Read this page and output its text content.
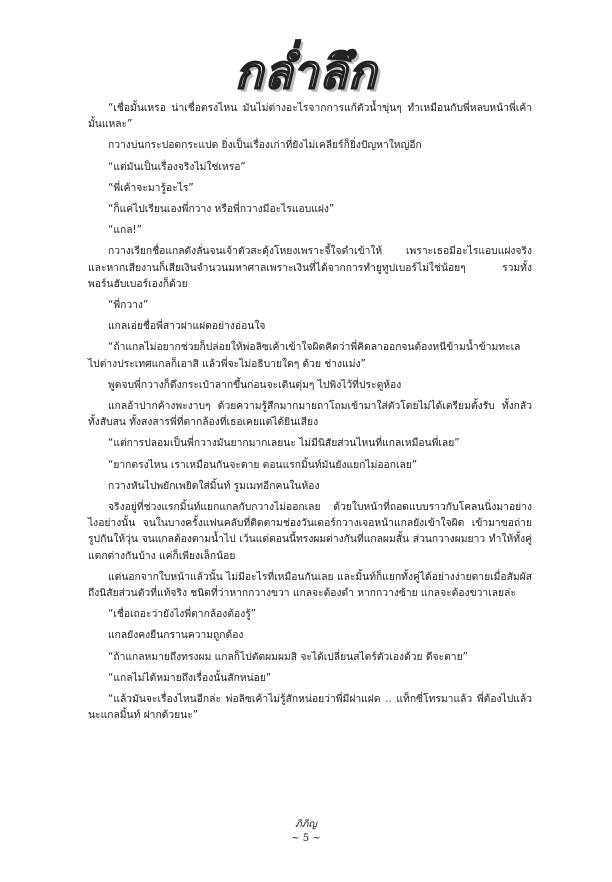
กล่ำลึก

“เชื่อมั้นเหรอ น่าเชื่อตรงไหน มันไม่ต่างอะไรจากการแก้ตัวน้ำขุ่นๆ ทำเหมือนกับพี่หลบหน้าพี่เค้ามั้นแหละ”

กวางบ่นกระปอดกระแปด ยิ่งเป็นเรื่องเก่าที่ยังไม่เคลียร์ก็ยิ่งปัญหาใหญ่อีก

“แต่มันเป็นเรื่องจริงไม่ใช่เหรอ”

“พี่เค้าจะมารู้อะไร”

“ก็แค่ไปเรียนเองพี่กวาง หรือพี่กวางมีอะไรแอบแฝง”

“แกล!”

กวางเรียกชื่อแกลดังลั่นจนเจ้าตัวสะดุ้งโหยงเพราะจี้ใจดำเข้าให้ เพราะเธอมีอะไรแอบแฝงจริง และหากเสียงานก็เสียเงินจำนวนมหาศาลเพราะเงินที่ได้จากการทำยูทูปเบอร์ไม่ใช่น้อยๆ รวมทั้งพอร์นฮับเบอร์เองก็ด้วย

“พี่กวาง”

แกลเอ่ยชื่อพี่สาวฝาแฝดอย่างอ่อนใจ

“ถ้าแกลไม่อยากช่วยก็ปล่อยให้พ่อลิซเค้าเข้าใจผิดคิดว่าพี่คิดลาออกจนต้องหนีข้ามน้ำข้ามทะเลไปต่างประเทศแกลก็เอาสิ แล้วพี่จะไม่อธิบายใดๆ ด้วย ช่างแม่ง”

พูดจบพี่กวางก็ดึงกระเป๋าลากขึ้นก่อนจะเดินตุ่มๆ ไปพิงไว้ที่ประตูห้อง

แกลอ้าปากค้างพะงาบๆ ด้วยความรู้สึกมากมายถาโถมเข้ามาใส่ตัวโดยไม่ได้เตรียมตั้งรับ ทั้งกลัว ทั้งสับสน ทั้งสงสารพี่ที่ตากล้องที่เธอเคยแต่ได้ยินเสียง

“แต่การปลอมเป็นพี่กวางมันยากมากเลยนะ ไม่มีนิสัยส่วนไหนที่แกลเหมือนพี่เลย”

“ยากตรงไหน เราเหมือนกันจะตาย ตอนแรกมิ้นท์มันยังแยกไม่ออกเลย”

กวางหันไปพยักเพยิดใส่มิ้นท์ รูมเมทอีกคนในห้อง

จริงอยู่ที่ช่วงแรกมิ้นท์แยกแกลกับกวางไม่ออกเลย ด้วยใบหน้าที่ถอดแบบราวกับโคลนนิ่งมาอย่างไงอย่างนั้น จนในบางครั้งแฟนคลับที่ติดตามช่องวันเดอร์กวางเจอหน้าแกลยังเข้าใจผิด เข้ามาขอถ่ายรูปกันให้วุ่น จนแกลต้องตามน้ำไป เว้นแต่ตอนนี้ทรงผมต่างกันที่แกลผมสั้น ส่วนกวางผมยาว ทำให้ทั้งคู่แตกต่างกันบ้าง แค่ก็เพียงเล็กน้อย

แต่นอกจากใบหน้าแล้วนั้น ไม่มีอะไรที่เหมือนกันเลย และมิ้นท์ก็แยกทั้งคู่ได้อย่างง่ายดายเมื่อสัมผัสถึงนิสัยส่วนตัวที่แท้จริง ชนิดที่ว่าหากกวางขวา แกลจะต้องดำ หากกวางซ้าย แกลจะต้องขวาเลยล่ะ

“เชื่อเถอะว่ายังไงพี่ตากล้องต้องรู้”

แกลยังคงยืนกรานความถูกต้อง

“ถ้าแกลหมายถึงทรงผม แกลก็ไปตัดผมผมสิ จะได้เปลี่ยนสไตร์ตัวเองด้วย ดีจะตาย”

“แกลไม่ได้หมายถึงเรื่องนั้นสักหน่อย”

“แล้วมันจะเรื่องไหนอีกล่ะ พ่อลิซเค้าไม่รู้สักหน่อยว่าพี่มีฝาแฝด .. แท็กซี่โทรมาแล้ว พี่ต้องไปแล้วนะแกลมิ้นท์ ฝากด้วยนะ”

ภิภิญ
~ 5 ~
